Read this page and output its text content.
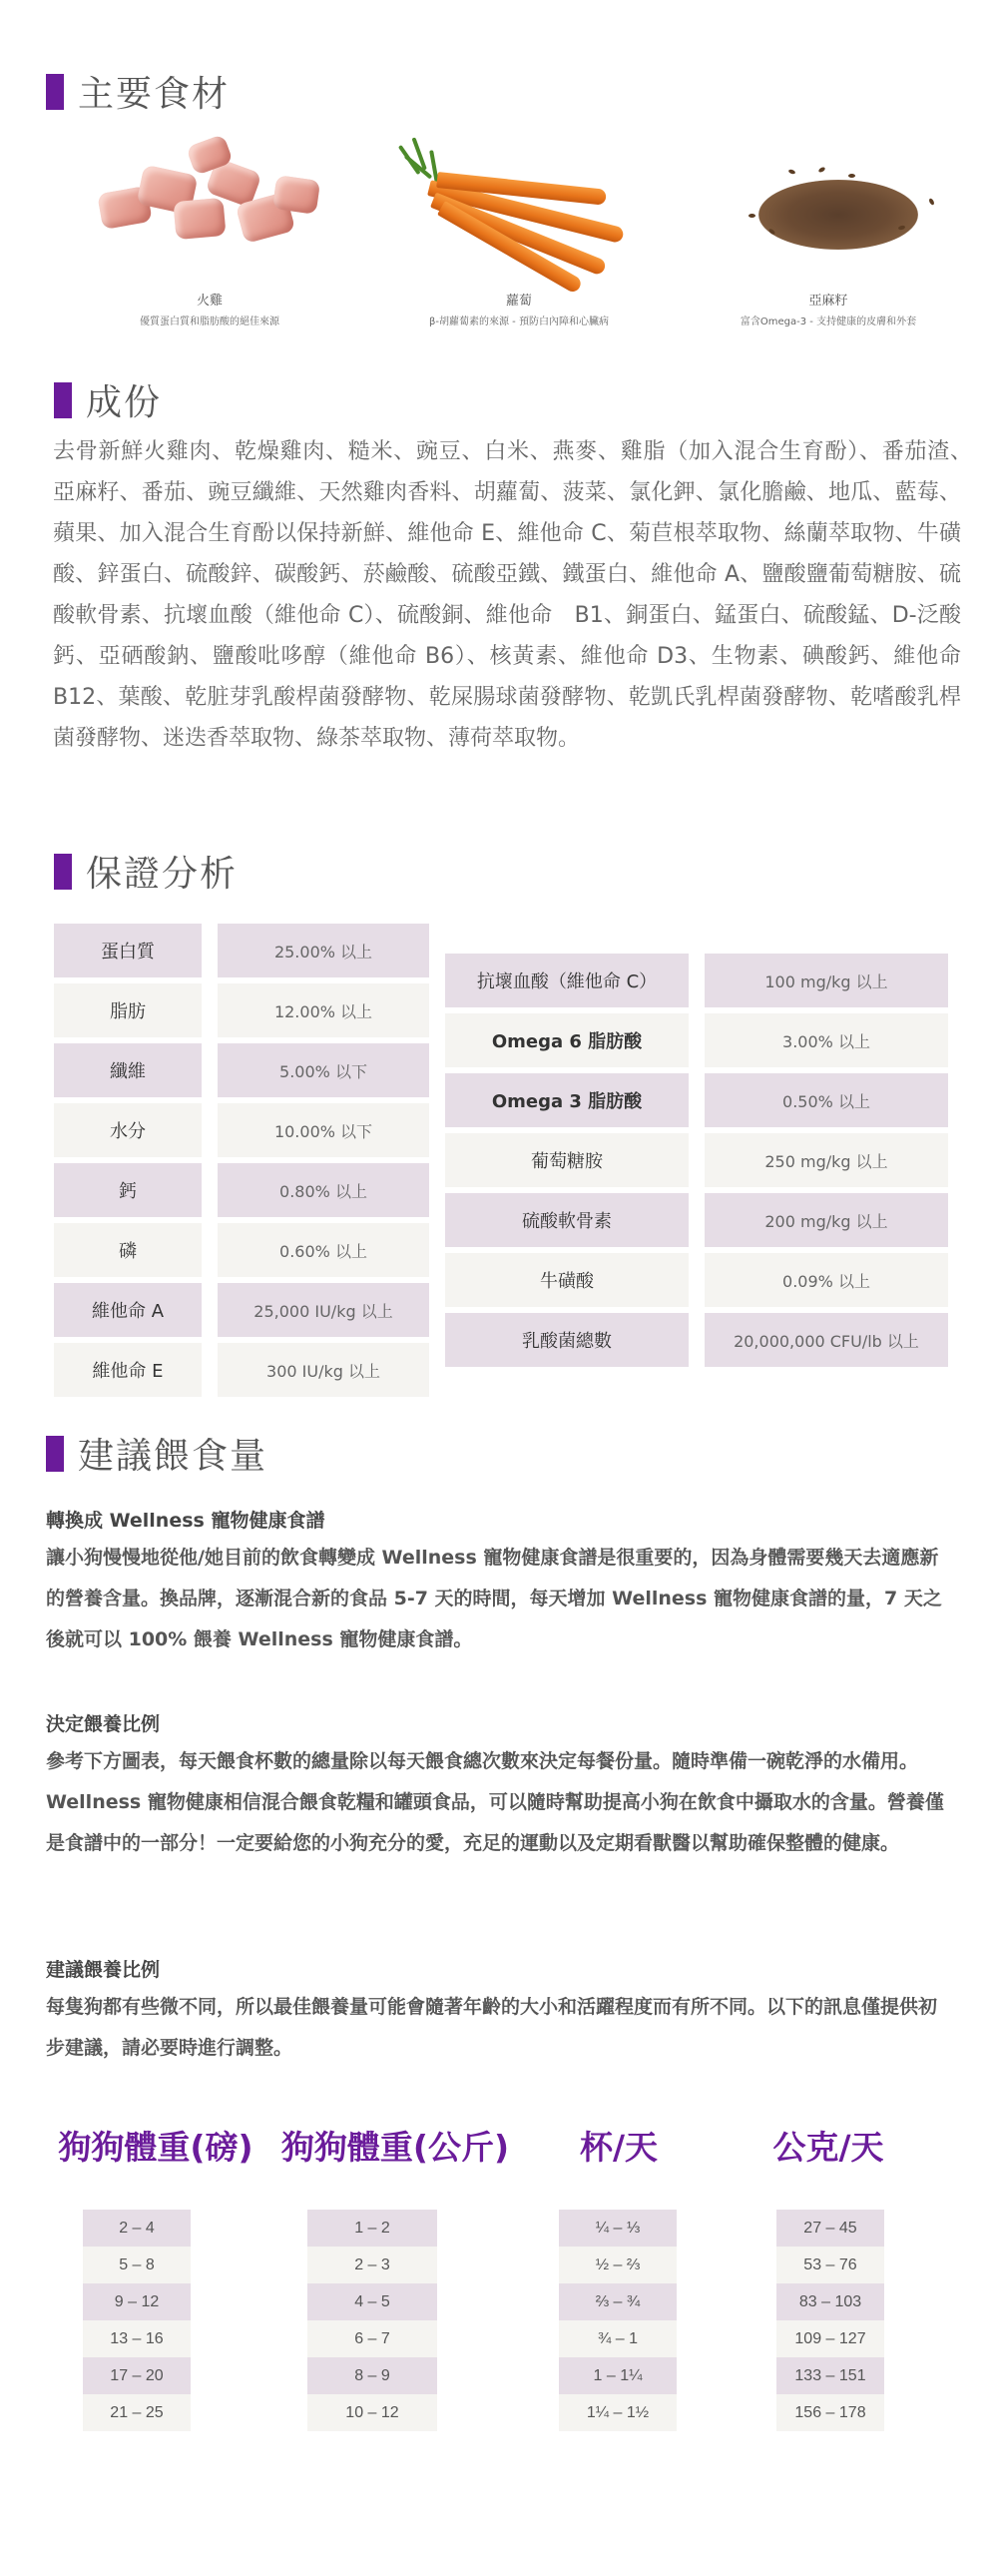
主要食材
火雞
優質蛋白質和脂肪酸的絕佳來源
蘿蔔
β-胡蘿蔔素的來源 - 預防白內障和心臟病
亞麻籽
富含Omega-3 - 支持健康的皮膚和外套
成份
去骨新鮮火雞肉、乾燥雞肉、糙米、豌豆、白米、燕麥、雞脂（加入混合生育酚）、番茄渣、　亞麻籽、番茄、豌豆纖維、天然雞肉香料、胡蘿蔔、菠菜、氯化鉀、氯化膽鹼、地瓜、藍莓、蘋果、加入混合生育酚以保持新鮮、維他命 E、維他命 C、菊苣根萃取物、絲蘭萃取物、牛磺酸、鋅蛋白、硫酸鋅、碳酸鈣、菸鹼酸、硫酸亞鐵、鐵蛋白、維他命 A、鹽酸鹽葡萄糖胺、硫酸軟骨素、抗壞血酸（維他命 C）、硫酸銅、維他命　B1、銅蛋白、錳蛋白、硫酸錳、D-泛酸鈣、亞硒酸鈉、鹽酸吡哆醇（維他命 B6）、核黃素、維他命 D3、生物素、碘酸鈣、維他命 B12、葉酸、乾脏芽乳酸桿菌發酵物、乾屎腸球菌發酵物、乾凱氏乳桿菌發酵物、乾嗜酸乳桿菌發酵物、迷迭香萃取物、綠茶萃取物、薄荷萃取物。
保證分析
蛋白質
脂肪
纖維
水分
鈣
磷
維他命 A
維他命 E
25.00% 以上
12.00% 以上
5.00% 以下
10.00% 以下
0.80% 以上
0.60% 以上
25,000 IU/kg 以上
300 IU/kg 以上
抗壞血酸（維他命 C）
Omega 6 脂肪酸
Omega 3 脂肪酸
葡萄糖胺
硫酸軟骨素
牛磺酸
乳酸菌總數
100 mg/kg 以上
3.00% 以上
0.50% 以上
250 mg/kg 以上
200 mg/kg 以上
0.09% 以上
20,000,000 CFU/lb 以上
建議餵食量
轉換成 Wellness 寵物健康食譜
讓小狗慢慢地從他/她目前的飲食轉變成 Wellness 寵物健康食譜是很重要的，因為身體需要幾天去適應新的營養含量。換品牌，逐漸混合新的食品 5-7 天的時間，每天增加 Wellness 寵物健康食譜的量，7 天之後就可以 100% 餵養 Wellness 寵物健康食譜。
決定餵養比例
參考下方圖表，每天餵食杯數的總量除以每天餵食總次數來決定每餐份量。隨時準備一碗乾淨的水備用。Wellness 寵物健康相信混合餵食乾糧和罐頭食品，可以隨時幫助提高小狗在飲食中攝取水的含量。營養僅是食譜中的一部分！一定要給您的小狗充分的愛，充足的運動以及定期看獸醫以幫助確保整體的健康。
建議餵養比例
每隻狗都有些微不同，所以最佳餵養量可能會隨著年齡的大小和活躍程度而有所不同。以下的訊息僅提供初步建議，請必要時進行調整。
狗狗體重(磅) 狗狗體重(公斤)	杯/天	公克/天
2 – 4
5 – 8
9 – 12
13 – 16
17 – 20
21 – 25
1 – 2
2 – 3
4 – 5
6 – 7
8 – 9
10 – 12
¼ – ⅓
½ – ⅔
⅔ – ¾
¾ – 1
1 – 1¼
1¼ – 1½
27 – 45
53 – 76
83 – 103
109 – 127
133 – 151
156 – 178
